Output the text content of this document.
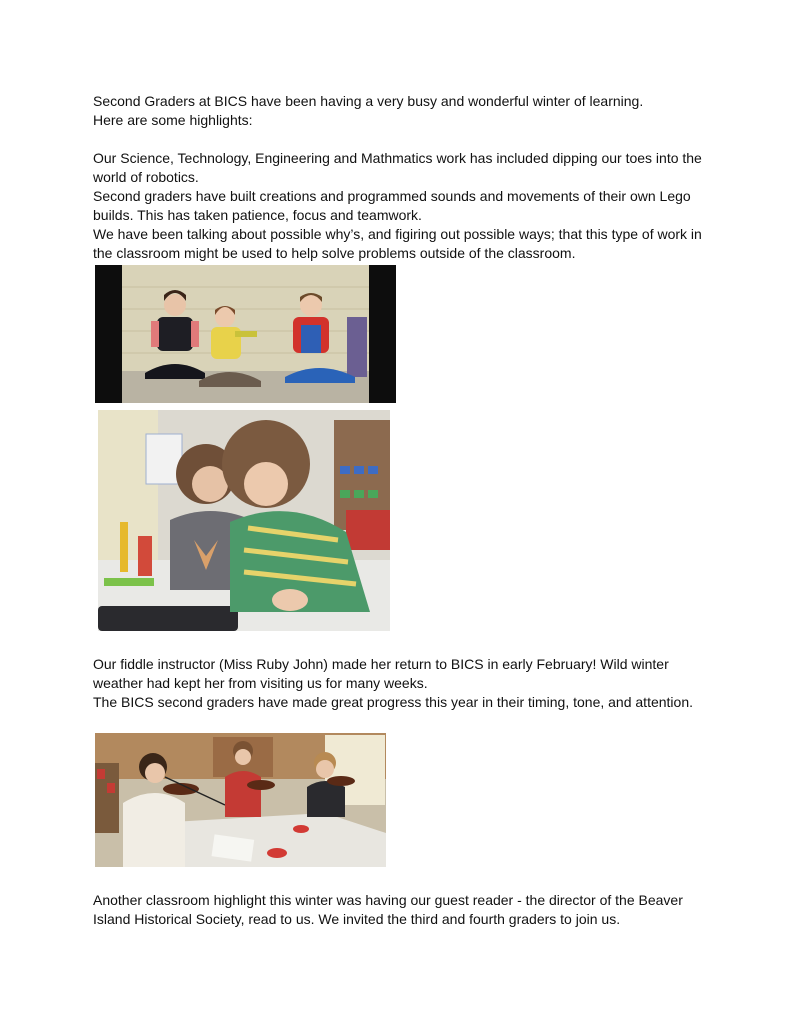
Second Graders at BICS have been having a very busy and wonderful winter of learning.
Here are some highlights:

Our Science, Technology, Engineering and Mathmatics work has included dipping our toes into the world of robotics.

Second graders have built creations and programmed sounds and movements of their own Lego builds. This has taken patience, focus and teamwork.

We have been talking about possible why’s, and figiring out possible ways; that this type of work in the classroom might be used to help solve problems outside of the classroom.

Our fiddle instructor (Miss Ruby John) made her return to BICS in early February! Wild winter weather had kept her from visiting us for many weeks.

The BICS second graders have made great progress this year in their timing, tone, and attention.

Another classroom highlight this winter was having our guest reader - the director of the Beaver Island Historical Society, read to us. We invited the third and fourth graders to join us.
